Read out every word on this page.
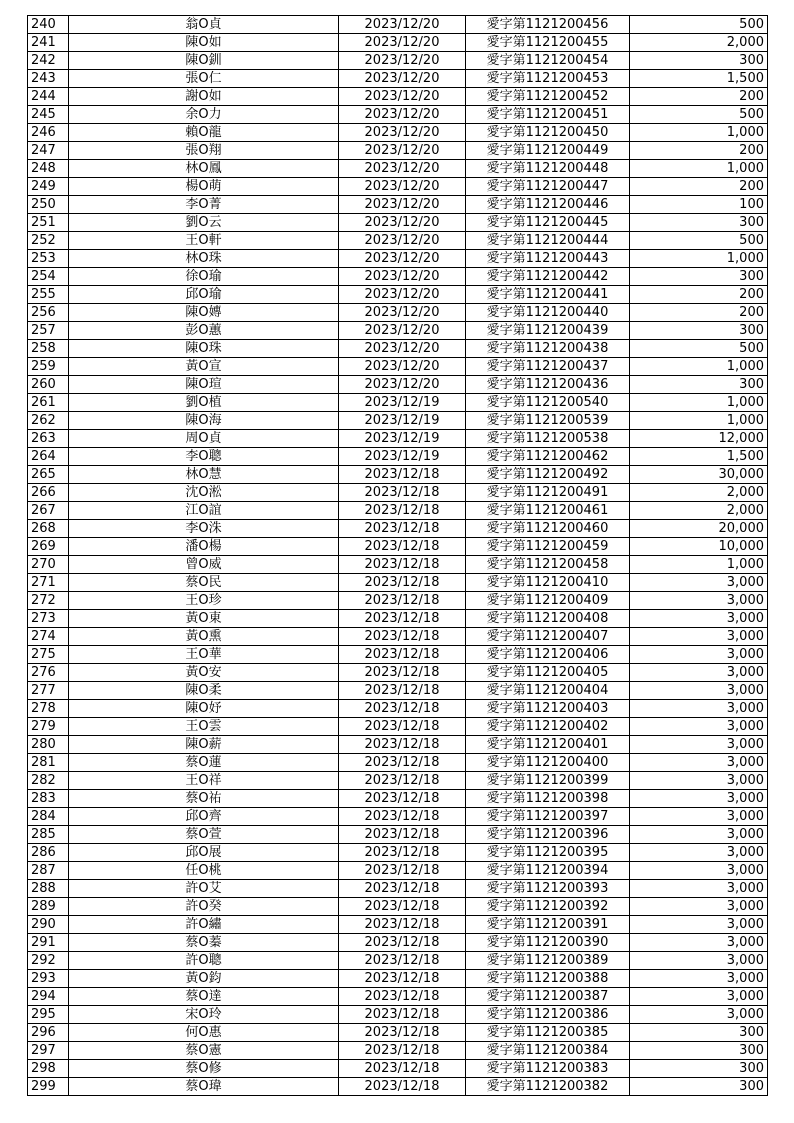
240	翁O貞	2023/12/20	愛字第1121200456	500
241	陳O如	2023/12/20	愛字第1121200455	2,000
242	陳O釧	2023/12/20	愛字第1121200454	300
243	張O仁	2023/12/20	愛字第1121200453	1,500
244	謝O如	2023/12/20	愛字第1121200452	200
245	余O力	2023/12/20	愛字第1121200451	500
246	賴O龍	2023/12/20	愛字第1121200450	1,000
247	張O翔	2023/12/20	愛字第1121200449	200
248	林O鳳	2023/12/20	愛字第1121200448	1,000
249	楊O萌	2023/12/20	愛字第1121200447	200
250	李O菁	2023/12/20	愛字第1121200446	100
251	劉O云	2023/12/20	愛字第1121200445	300
252	王O軒	2023/12/20	愛字第1121200444	500
253	林O珠	2023/12/20	愛字第1121200443	1,000
254	徐O瑜	2023/12/20	愛字第1121200442	300
255	邱O瑜	2023/12/20	愛字第1121200441	200
256	陳O嫥	2023/12/20	愛字第1121200440	200
257	彭O蕙	2023/12/20	愛字第1121200439	300
258	陳O珠	2023/12/20	愛字第1121200438	500
259	黃O宣	2023/12/20	愛字第1121200437	1,000
260	陳O瑄	2023/12/20	愛字第1121200436	300
261	劉O植	2023/12/19	愛字第1121200540	1,000
262	陳O海	2023/12/19	愛字第1121200539	1,000
263	周O貞	2023/12/19	愛字第1121200538	12,000
264	李O聰	2023/12/19	愛字第1121200462	1,500
265	林O慧	2023/12/18	愛字第1121200492	30,000
266	沈O淞	2023/12/18	愛字第1121200491	2,000
267	江O誼	2023/12/18	愛字第1121200461	2,000
268	李O洙	2023/12/18	愛字第1121200460	20,000
269	潘O楊	2023/12/18	愛字第1121200459	10,000
270	曾O威	2023/12/18	愛字第1121200458	1,000
271	蔡O民	2023/12/18	愛字第1121200410	3,000
272	王O珍	2023/12/18	愛字第1121200409	3,000
273	黃O東	2023/12/18	愛字第1121200408	3,000
274	黃O熏	2023/12/18	愛字第1121200407	3,000
275	王O華	2023/12/18	愛字第1121200406	3,000
276	黃O安	2023/12/18	愛字第1121200405	3,000
277	陳O柔	2023/12/18	愛字第1121200404	3,000
278	陳O妤	2023/12/18	愛字第1121200403	3,000
279	王O雲	2023/12/18	愛字第1121200402	3,000
280	陳O薪	2023/12/18	愛字第1121200401	3,000
281	蔡O蓮	2023/12/18	愛字第1121200400	3,000
282	王O祥	2023/12/18	愛字第1121200399	3,000
283	蔡O祐	2023/12/18	愛字第1121200398	3,000
284	邱O齊	2023/12/18	愛字第1121200397	3,000
285	蔡O萱	2023/12/18	愛字第1121200396	3,000
286	邱O展	2023/12/18	愛字第1121200395	3,000
287	任O桃	2023/12/18	愛字第1121200394	3,000
288	許O艾	2023/12/18	愛字第1121200393	3,000
289	許O癸	2023/12/18	愛字第1121200392	3,000
290	許O繡	2023/12/18	愛字第1121200391	3,000
291	蔡O蓁	2023/12/18	愛字第1121200390	3,000
292	許O聰	2023/12/18	愛字第1121200389	3,000
293	黃O鈞	2023/12/18	愛字第1121200388	3,000
294	蔡O達	2023/12/18	愛字第1121200387	3,000
295	宋O玲	2023/12/18	愛字第1121200386	3,000
296	何O惠	2023/12/18	愛字第1121200385	300
297	蔡O憲	2023/12/18	愛字第1121200384	300
298	蔡O修	2023/12/18	愛字第1121200383	300
299	蔡O瑋	2023/12/18	愛字第1121200382	300
